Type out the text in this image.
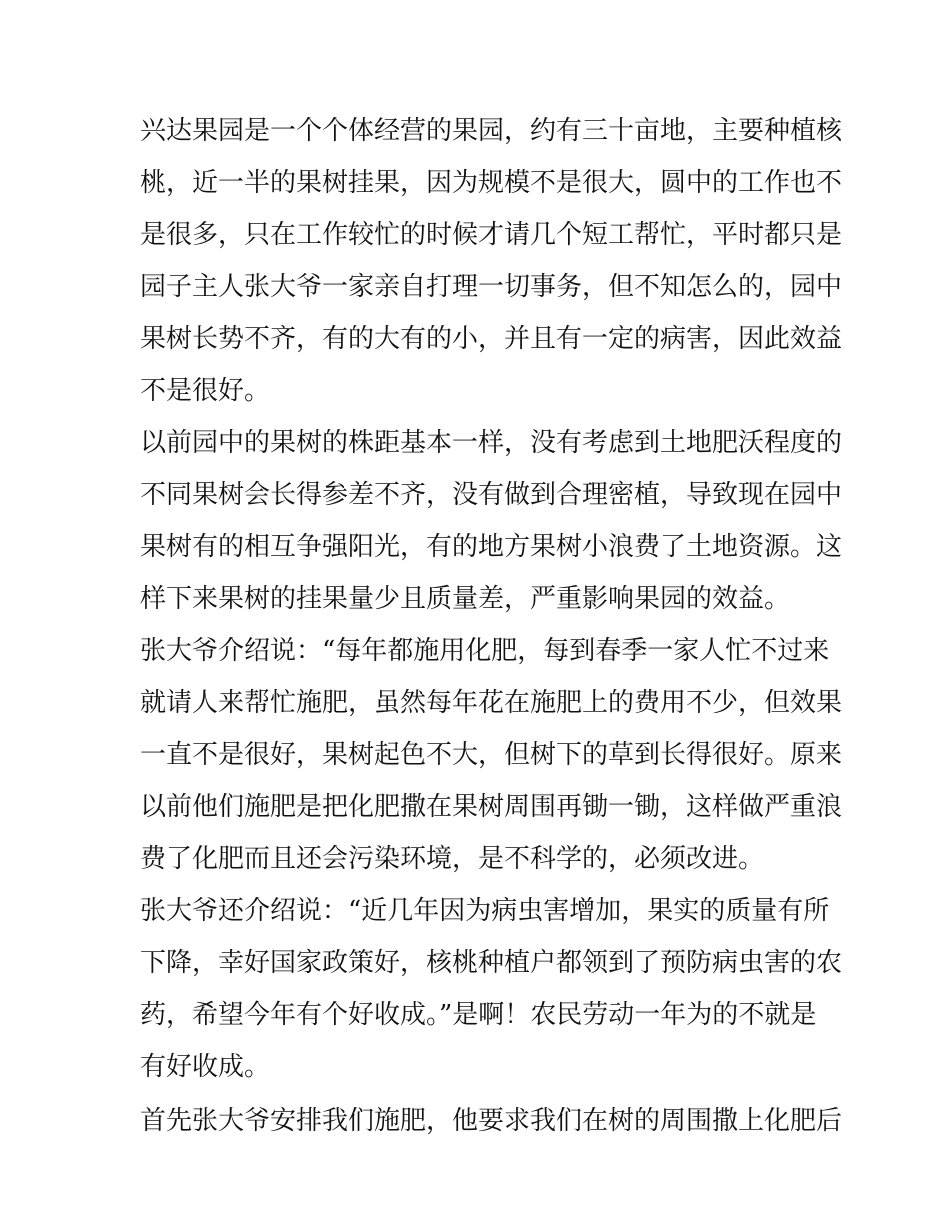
兴达果园是一个个体经营的果园，约有三十亩地，主要种植核
桃，近一半的果树挂果，因为规模不是很大，圆中的工作也不
是很多，只在工作较忙的时候才请几个短工帮忙，平时都只是
园子主人张大爷一家亲自打理一切事务，但不知怎么的，园中
果树长势不齐，有的大有的小，并且有一定的病害，因此效益
不是很好。
以前园中的果树的株距基本一样，没有考虑到土地肥沃程度的
不同果树会长得参差不齐，没有做到合理密植，导致现在园中
果树有的相互争强阳光，有的地方果树小浪费了土地资源。这
样下来果树的挂果量少且质量差，严重影响果园的效益。
张大爷介绍说：“每年都施用化肥，每到春季一家人忙不过来
就请人来帮忙施肥，虽然每年花在施肥上的费用不少，但效果
一直不是很好，果树起色不大，但树下的草到长得很好。原来
以前他们施肥是把化肥撒在果树周围再锄一锄，这样做严重浪
费了化肥而且还会污染环境，是不科学的，必须改进。
张大爷还介绍说：“近几年因为病虫害增加，果实的质量有所
下降，幸好国家政策好，核桃种植户都领到了预防病虫害的农
药，希望今年有个好收成。”是啊！农民劳动一年为的不就是
有好收成。
首先张大爷安排我们施肥，他要求我们在树的周围撒上化肥后
